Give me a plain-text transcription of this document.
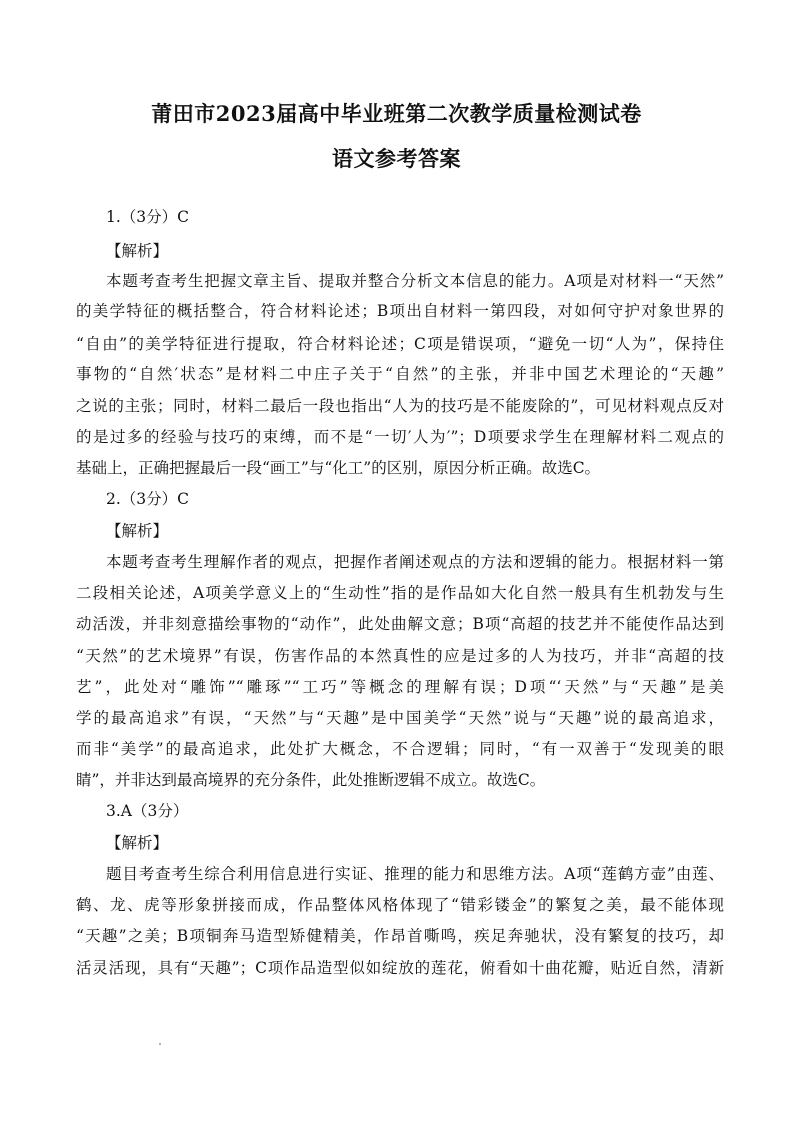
莆田市2023届高中毕业班第二次教学质量检测试卷
语文参考答案
1.（3分）C
【解析】
本题考查考生把握文章主旨、提取并整合分析文本信息的能力。A项是对材料一“天然”
的美学特征的概括整合，符合材料论述；B项出自材料一第四段，对如何守护对象世界的
“自由”的美学特征进行提取，符合材料论述；C项是错误项，“避免一切“人为”，保持住
事物的“自然′状态”是材料二中庄子关于“自然”的主张，并非中国艺术理论的“天趣”
之说的主张；同时，材料二最后一段也指出“人为的技巧是不能废除的”，可见材料观点反对
的是过多的经验与技巧的束缚，而不是“一切′人为′”；D项要求学生在理解材料二观点的
基础上，正确把握最后一段“画工”与“化工”的区别，原因分析正确。故选C。
2.（3分）C
【解析】
本题考查考生理解作者的观点，把握作者阐述观点的方法和逻辑的能力。根据材料一第
二段相关论述，A项美学意义上的“生动性”指的是作品如大化自然一般具有生机勃发与生
动活泼，并非刻意描绘事物的“动作”，此处曲解文意；B项“高超的技艺并不能使作品达到
“天然”的艺术境界”有误，伤害作品的本然真性的应是过多的人为技巧，并非“高超的技
艺”，此处对“雕饰”“雕琢”“工巧”等概念的理解有误；D项“‘天然”与“天趣”是美
学的最高追求”有误，“天然”与“天趣”是中国美学“天然”说与“天趣”说的最高追求，
而非“美学”的最高追求，此处扩大概念，不合逻辑；同时，“有一双善于“发现美的眼
睛”，并非达到最高境界的充分条件，此处推断逻辑不成立。故选C。
3.A（3分）
【解析】
题目考查考生综合利用信息进行实证、推理的能力和思维方法。A项“莲鹤方壶”由莲、
鹤、龙、虎等形象拼接而成，作品整体风格体现了“错彩镂金”的繁复之美，最不能体现
“天趣”之美；B项铜奔马造型矫健精美，作昂首嘶鸣，疾足奔驰状，没有繁复的技巧，却
活灵活现，具有“天趣”；C项作品造型似如绽放的莲花，俯看如十曲花瓣，贴近自然，清新
